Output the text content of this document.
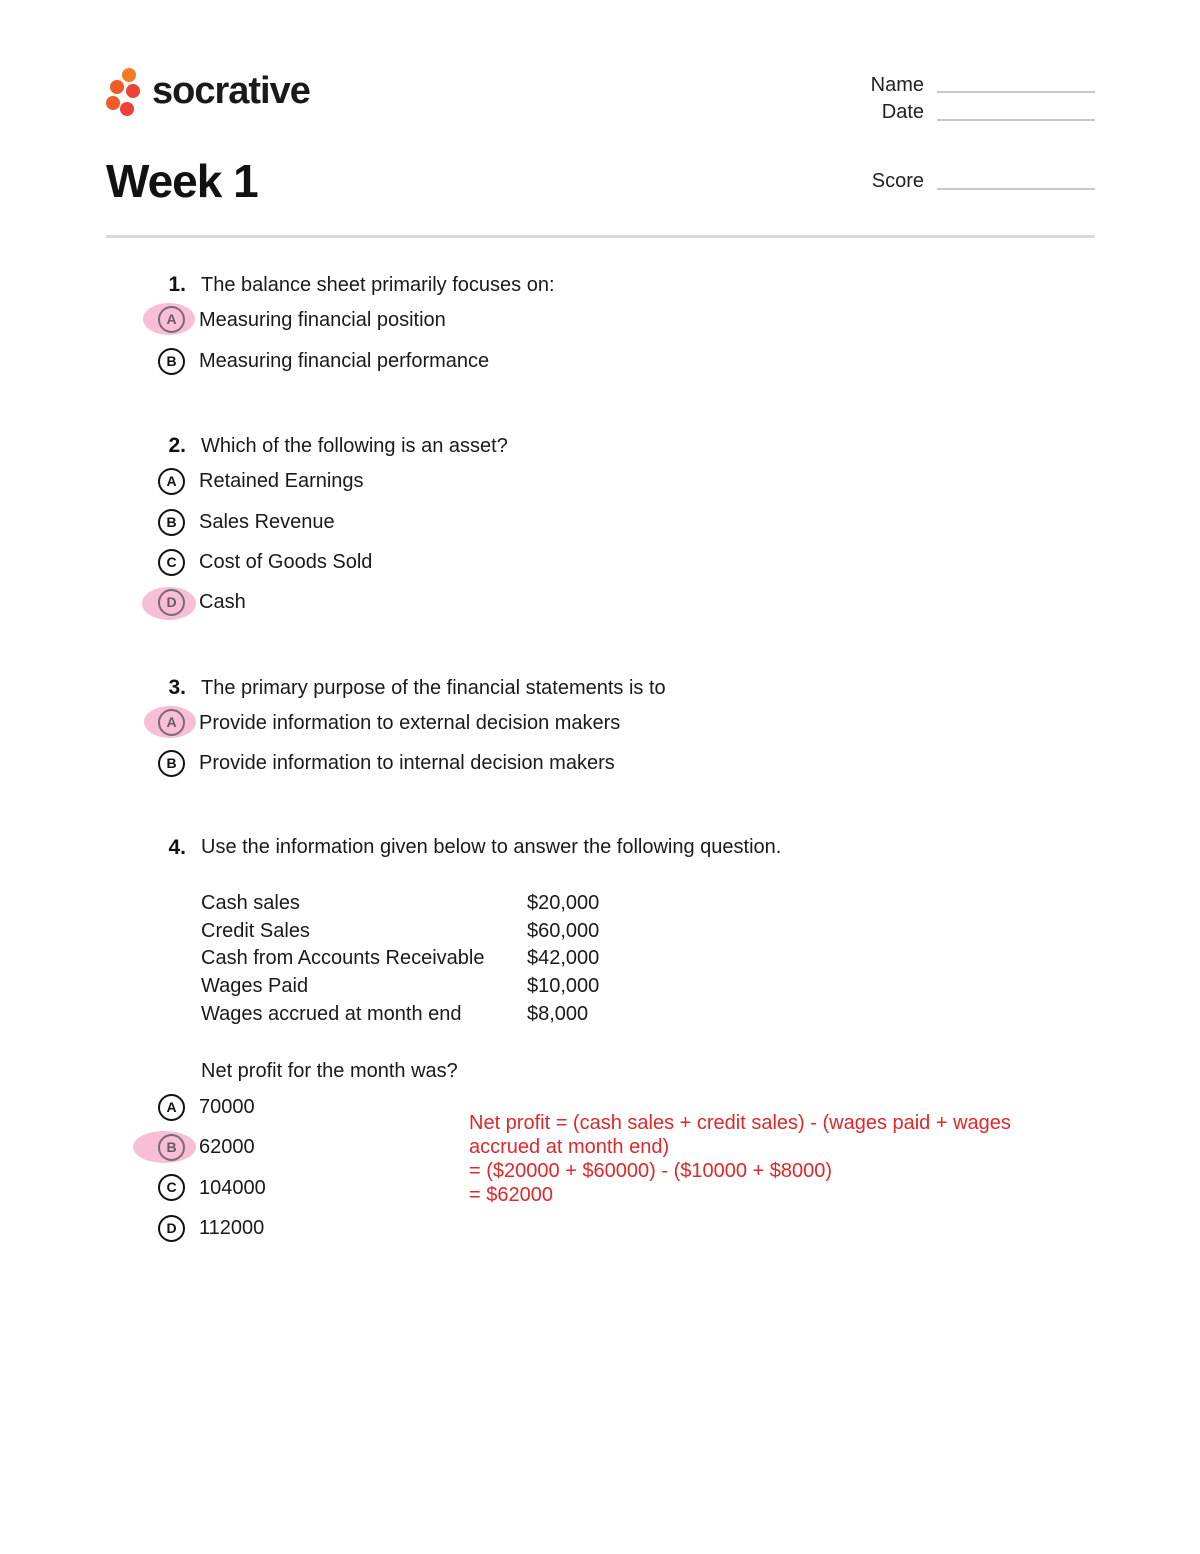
socrative	Name
Date
Score
Week 1
1. The balance sheet primarily focuses on:
A	Measuring financial position
B	Measuring financial performance
2. Which of the following is an asset?
A	Retained Earnings
B	Sales Revenue
C	Cost of Goods Sold
D	Cash
3. The primary purpose of the financial statements is to
A	Provide information to external decision makers
B	Provide information to internal decision makers
4. Use the information given below to answer the following question.
Cash sales	$20,000
Credit Sales	$60,000
Cash from Accounts Receivable $42,000
Wages Paid	$10,000
Wages accrued at month end	$8,000
Net profit for the month was?
A	70000
B	62000
C	104000
D	112000
Net profit = (cash sales + credit sales) - (wages paid + wages
accrued at month end)
= ($20000 + $60000) - ($10000 + $8000)
= $62000
